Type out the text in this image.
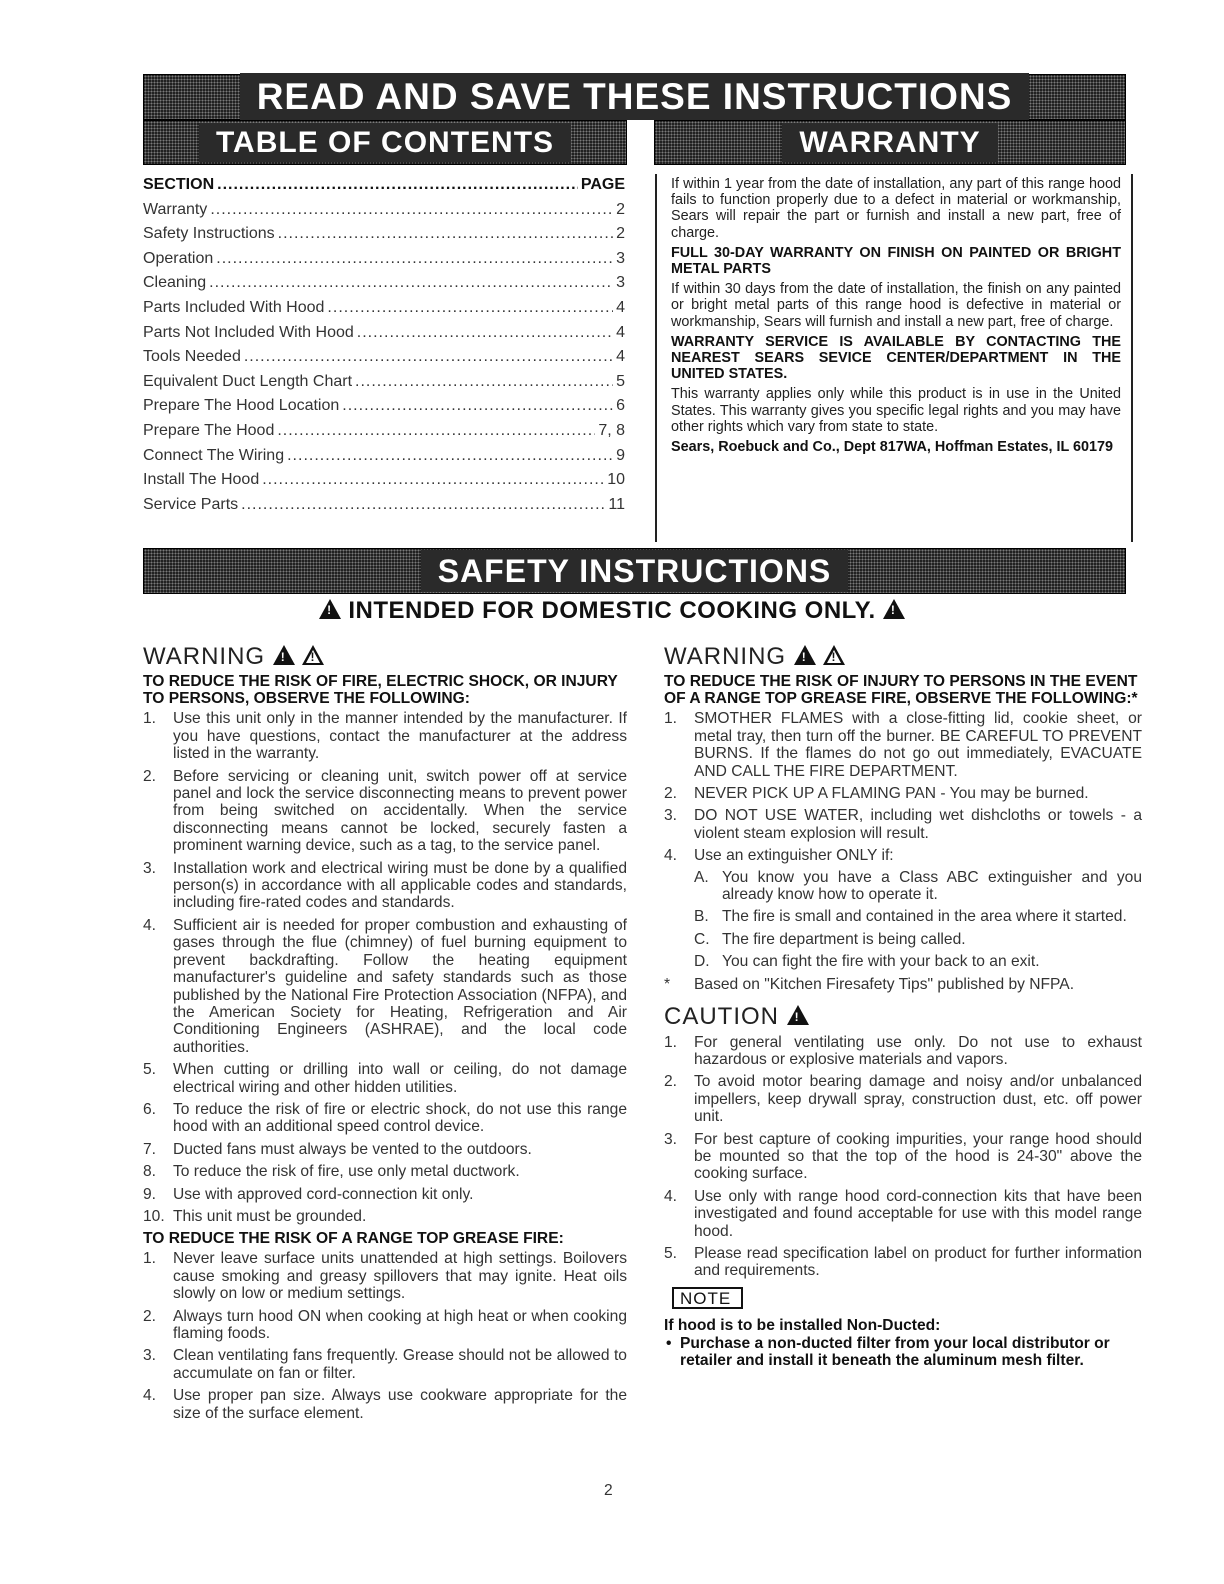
READ AND SAVE THESE INSTRUCTIONS
TABLE OF CONTENTS	WARRANTY
SECTION .....	PAGE
Warranty .....	2
Safety Instructions .....	2
Operation .....	3
Cleaning .....	3
Parts Included With Hood .....	4
Parts Not Included With Hood .....	4
Tools Needed .....	4
Equivalent Duct Length Chart .....	5
Prepare The Hood Location .....	6
Prepare The Hood .....	7, 8
Connect The Wiring .....	9
Install The Hood .....	10
Service Parts .....	11

If within 1 year from the date of installation, any part of this range hood fails to function properly due to a defect in material or workmanship, Sears will repair the part or furnish and install a new part, free of charge.

FULL 30-DAY WARRANTY ON FINISH ON PAINTED OR BRIGHT METAL PARTS

If within 30 days from the date of installation, the finish on any painted or bright metal parts of this range hood is defective in material or workmanship, Sears will furnish and install a new part, free of charge.

WARRANTY SERVICE IS AVAILABLE BY CONTACTING THE NEAREST SEARS SEVICE CENTER/DEPARTMENT IN THE UNITED STATES.

This warranty applies only while this product is in use in the United States. This warranty gives you specific legal rights and you may have other rights which vary from state to state.

Sears, Roebuck and Co., Dept 817WA, Hoffman Estates, IL 60179

SAFETY INSTRUCTIONS
! INTENDED FOR DOMESTIC COOKING ONLY. !
WARNING ! !
TO REDUCE THE RISK OF FIRE, ELECTRIC SHOCK, OR INJURY TO PERSONS, OBSERVE THE FOLLOWING:
1. Use this unit only in the manner intended by the manufacturer. If you have questions, contact the manufacturer at the address listed in the warranty.
2. Before servicing or cleaning unit, switch power off at service panel and lock the service disconnecting means to prevent power from being switched on accidentally. When the service disconnecting means cannot be locked, securely fasten a prominent warning device, such as a tag, to the service panel.
3. Installation work and electrical wiring must be done by a qualified person(s) in accordance with all applicable codes and standards, including fire-rated codes and standards.
4. Sufficient air is needed for proper combustion and exhausting of gases through the flue (chimney) of fuel burning equipment to prevent backdrafting. Follow the heating equipment manufacturer's guideline and safety standards such as those published by the National Fire Protection Association (NFPA), and the American Society for Heating, Refrigeration and Air Conditioning Engineers (ASHRAE), and the local code authorities.
5. When cutting or drilling into wall or ceiling, do not damage electrical wiring and other hidden utilities.
6. To reduce the risk of fire or electric shock, do not use this range hood with an additional speed control device.
7. Ducted fans must always be vented to the outdoors.
8. To reduce the risk of fire, use only metal ductwork.
9. Use with approved cord-connection kit only.
10. This unit must be grounded.
TO REDUCE THE RISK OF A RANGE TOP GREASE FIRE:
1. Never leave surface units unattended at high settings. Boilovers cause smoking and greasy spillovers that may ignite. Heat oils slowly on low or medium settings.
2. Always turn hood ON when cooking at high heat or when cooking flaming foods.
3. Clean ventilating fans frequently. Grease should not be allowed to accumulate on fan or filter.
4. Use proper pan size. Always use cookware appropriate for the size of the surface element.
WARNING ! !
TO REDUCE THE RISK OF INJURY TO PERSONS IN THE EVENT OF A RANGE TOP GREASE FIRE, OBSERVE THE FOLLOWING:*
1. SMOTHER FLAMES with a close-fitting lid, cookie sheet, or metal tray, then turn off the burner. BE CAREFUL TO PREVENT BURNS. If the flames do not go out immediately, EVACUATE AND CALL THE FIRE DEPARTMENT.
2. NEVER PICK UP A FLAMING PAN - You may be burned.
3. DO NOT USE WATER, including wet dishcloths or towels - a violent steam explosion will result.
4. Use an extinguisher ONLY if:
A. You know you have a Class ABC extinguisher and you already know how to operate it.
B. The fire is small and contained in the area where it started.
C. The fire department is being called.
D. You can fight the fire with your back to an exit.
* Based on "Kitchen Firesafety Tips" published by NFPA.
CAUTION !
1. For general ventilating use only. Do not use to exhaust hazardous or explosive materials and vapors.
2. To avoid motor bearing damage and noisy and/or unbalanced impellers, keep drywall spray, construction dust, etc. off power unit.
3. For best capture of cooking impurities, your range hood should be mounted so that the top of the hood is 24-30" above the cooking surface.
4. Use only with range hood cord-connection kits that have been investigated and found acceptable for use with this model range hood.
5. Please read specification label on product for further information and requirements.
NOTE
If hood is to be installed Non-Ducted:
• Purchase a non-ducted filter from your local distributor or retailer and install it beneath the aluminum mesh filter.
2
